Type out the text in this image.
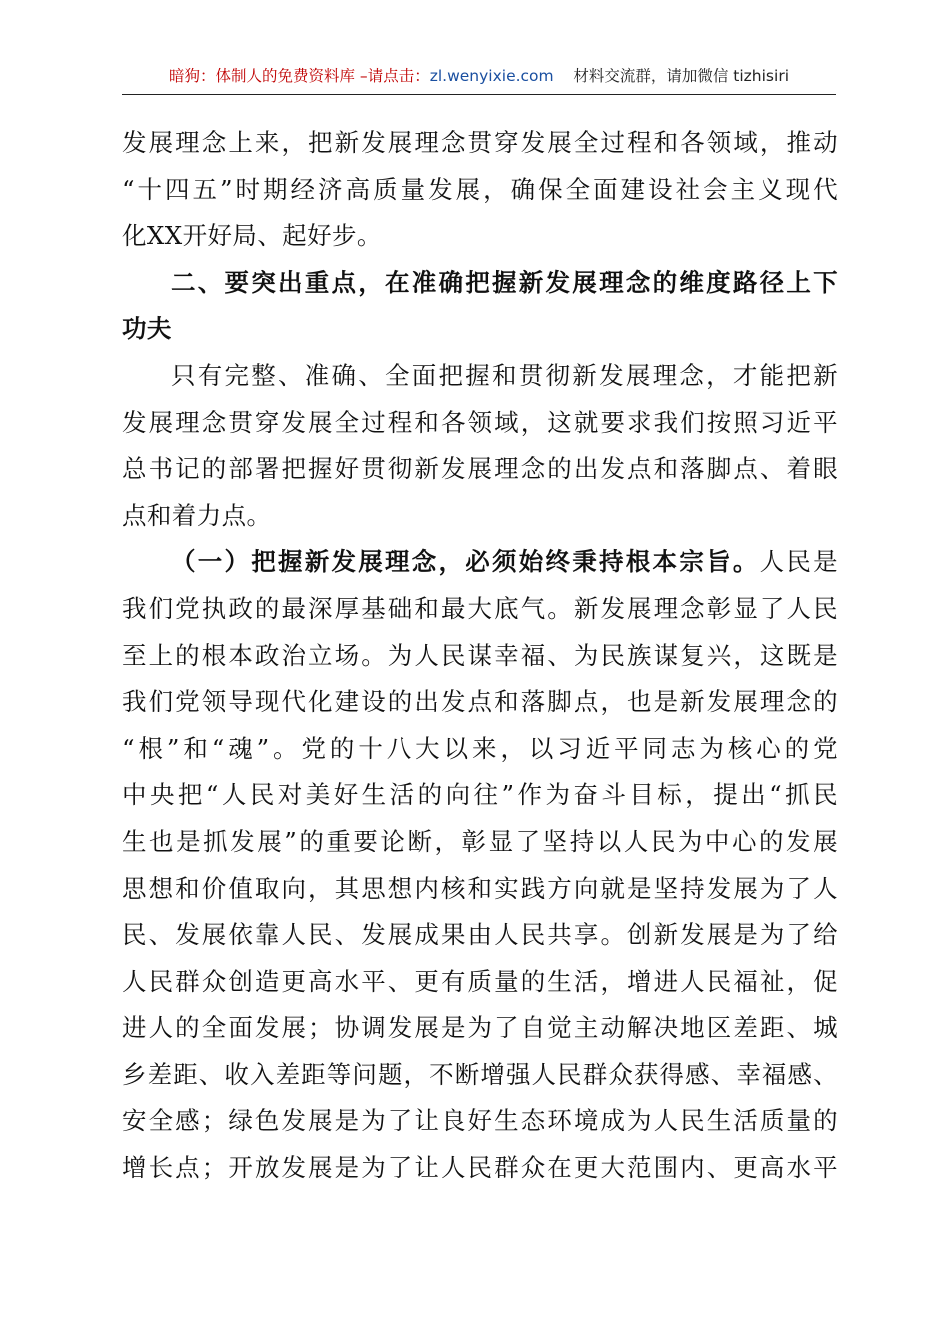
暗狗：体制人的免费资料库 –请点击：zl.wenyixie.com 材料交流群，请加微信 tizhisiri
发展理念上来，把新发展理念贯穿发展全过程和各领域，推动
“十四五”时期经济高质量发展，确保全面建设社会主义现代
化XX开好局、起好步。
二、要突出重点，在准确把握新发展理念的维度路径上下
功夫
只有完整、准确、全面把握和贯彻新发展理念，才能把新
发展理念贯穿发展全过程和各领域，这就要求我们按照习近平
总书记的部署把握好贯彻新发展理念的出发点和落脚点、着眼
点和着力点。
（一）把握新发展理念，必须始终秉持根本宗旨。人民是
我们党执政的最深厚基础和最大底气。新发展理念彰显了人民
至上的根本政治立场。为人民谋幸福、为民族谋复兴，这既是
我们党领导现代化建设的出发点和落脚点，也是新发展理念的
“根”和“魂”。党的十八大以来，以习近平同志为核心的党
中央把“人民对美好生活的向往”作为奋斗目标，提出“抓民
生也是抓发展”的重要论断，彰显了坚持以人民为中心的发展
思想和价值取向，其思想内核和实践方向就是坚持发展为了人
民、发展依靠人民、发展成果由人民共享。创新发展是为了给
人民群众创造更高水平、更有质量的生活，增进人民福祉，促
进人的全面发展；协调发展是为了自觉主动解决地区差距、城
乡差距、收入差距等问题，不断增强人民群众获得感、幸福感、
安全感；绿色发展是为了让良好生态环境成为人民生活质量的
增长点；开放发展是为了让人民群众在更大范围内、更高水平
